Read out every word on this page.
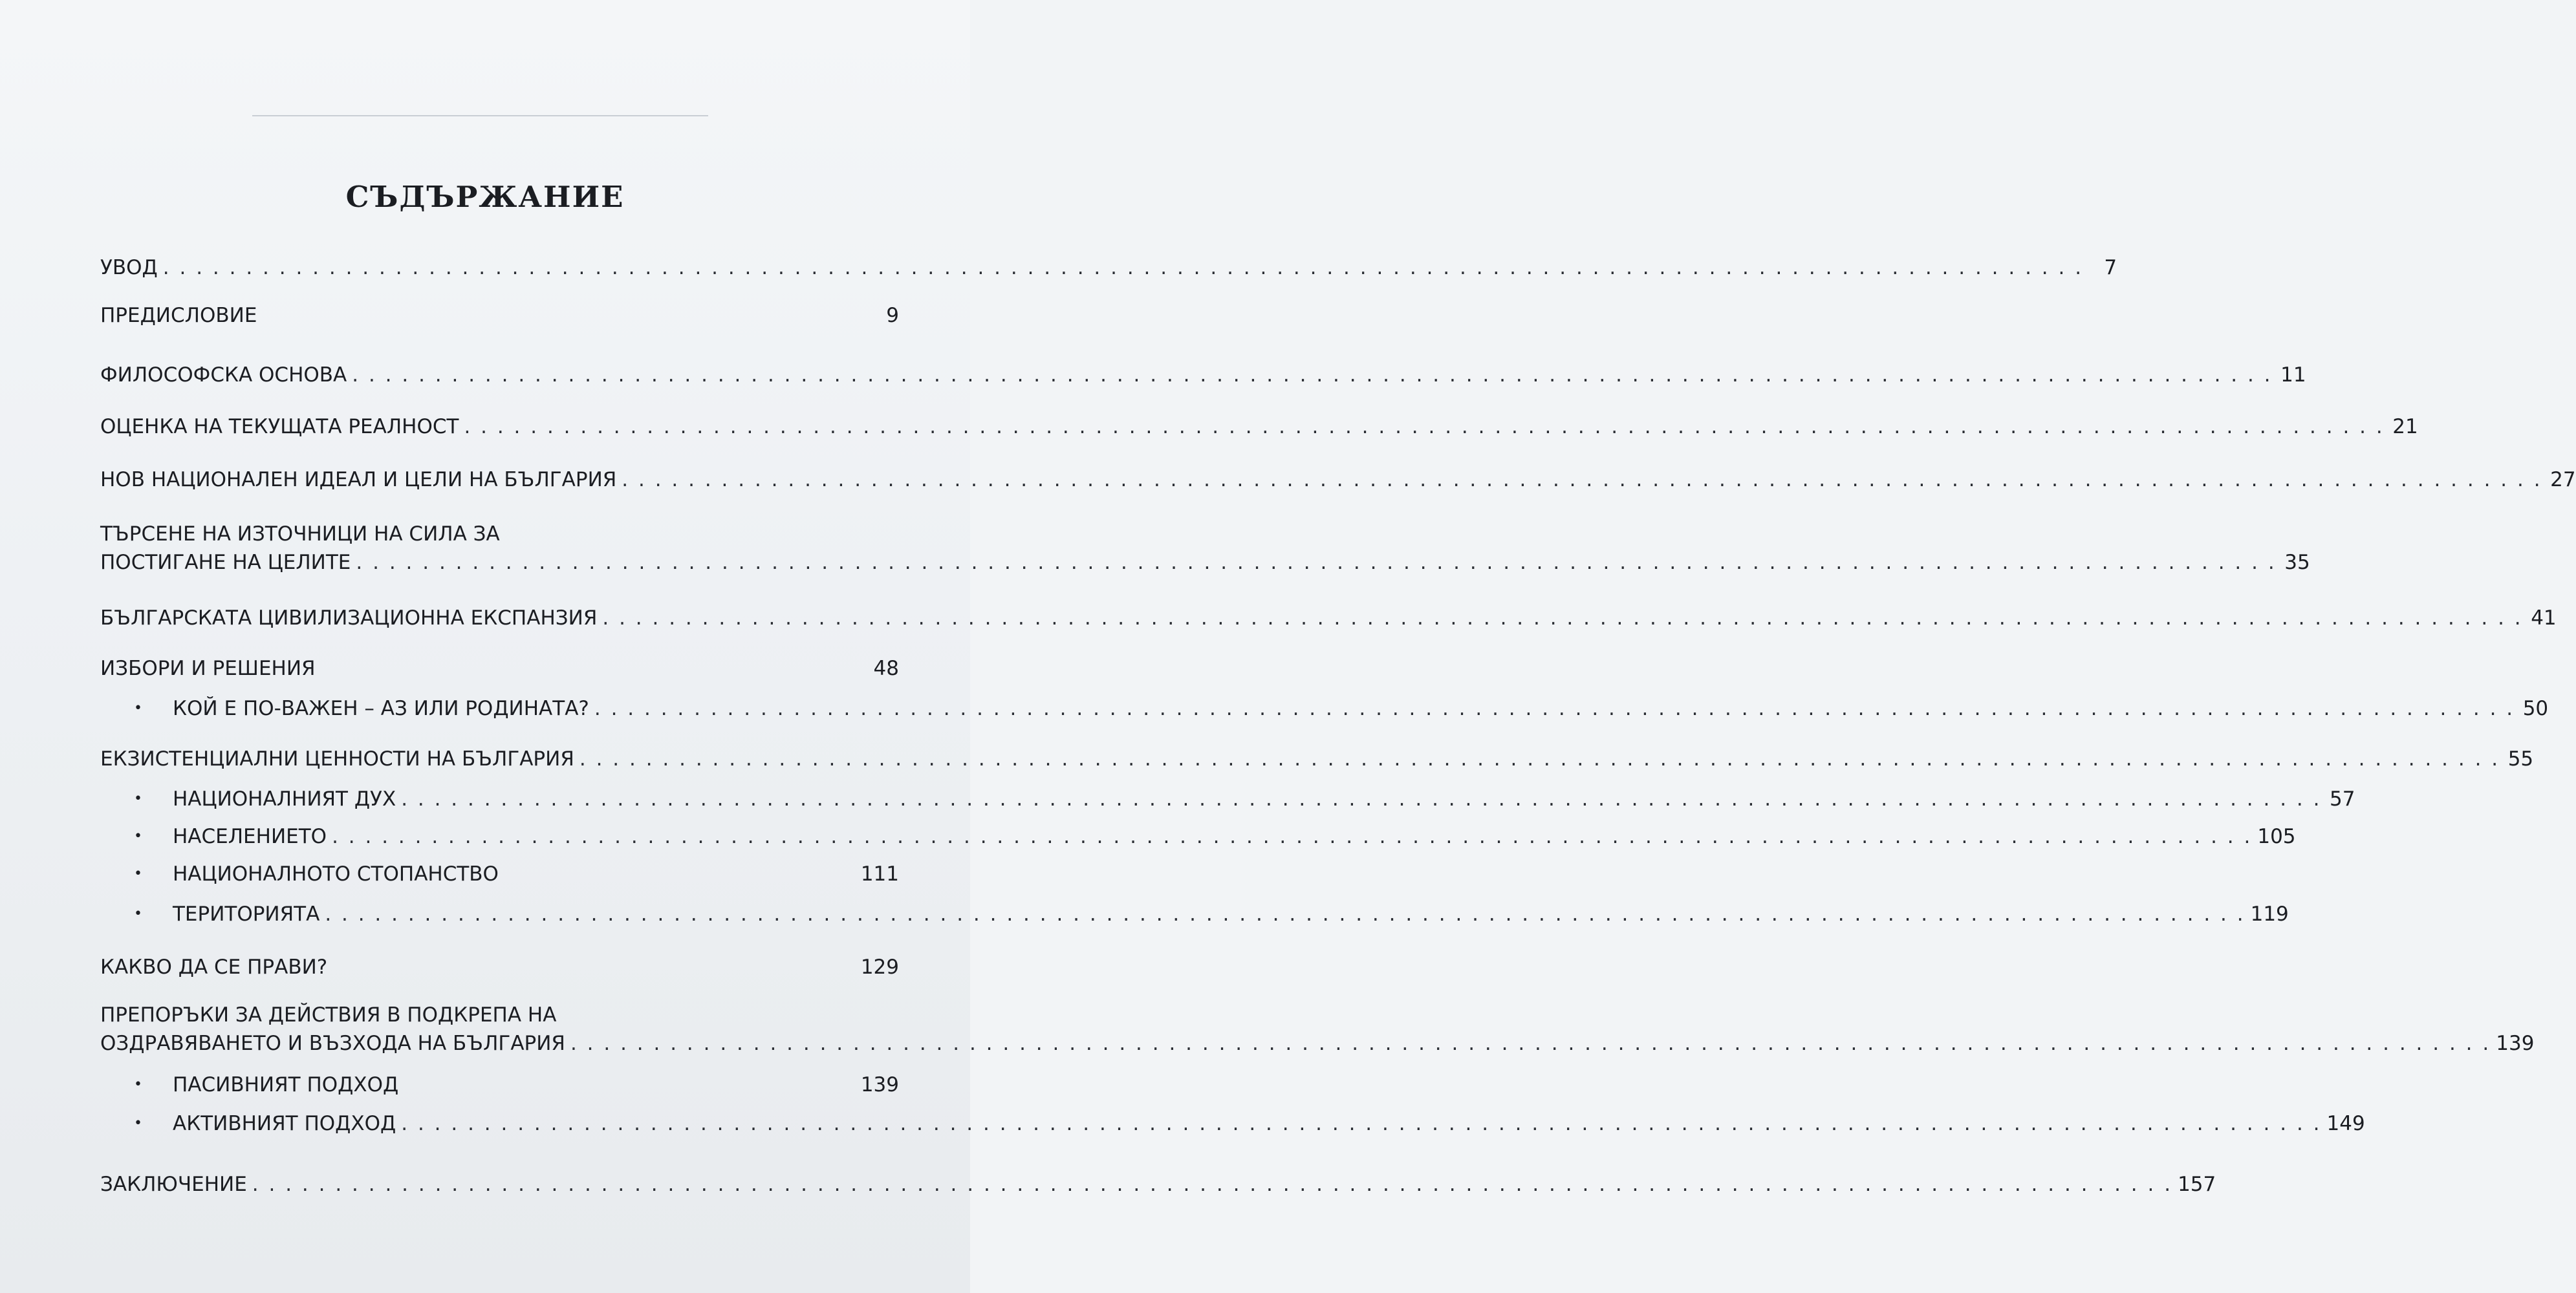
СЪДЪРЖАНИЕ
УВОД . . . . . . . . . . . . . . . . . . . . . . . . . . . . . . . . . . . . . . . . . . . . . . . . . . . . . . . . . . . . . . . . . . . . . . . . . . . . . . . . . . . . . . . . . . . . . . . . . . . . . . . . . . . . . . . . . . . .	7
ПРЕДИСЛОВИЕ	9
ФИЛОСОФСКА ОСНОВА . . . . . . . . . . . . . . . . . . . . . . . . . . . . . . . . . . . . . . . . . . . . . . . . . . . . . . . . . . . . . . . . . . . . . . . . . . . . . . . . . . . . . . . . . . . . . . . . . . . . . . . . . . . . . . . . . . . . 11
ОЦЕНКА НА ТЕКУЩАТА РЕАЛНОСТ . . . . . . . . . . . . . . . . . . . . . . . . . . . . . . . . . . . . . . . . . . . . . . . . . . . . . . . . . . . . . . . . . . . . . . . . . . . . . . . . . . . . . . . . . . . . . . . . . . . . . . . . . . . . . . . . . . . . 21
НОВ НАЦИОНАЛЕН ИДЕАЛ И ЦЕЛИ НА БЪЛГАРИЯ . . . . . . . . . . . . . . . . . . . . . . . . . . . . . . . . . . . . . . . . . . . . . . . . . . . . . . . . . . . . . . . . . . . . . . . . . . . . . . . . . . . . . . . . . . . . . . . . . . . . . . . . . . . . . . . . . . . . 27
ТЪРСЕНЕ НА ИЗТОЧНИЦИ НА СИЛА ЗА
ПОСТИГАНЕ НА ЦЕЛИТЕ . . . . . . . . . . . . . . . . . . . . . . . . . . . . . . . . . . . . . . . . . . . . . . . . . . . . . . . . . . . . . . . . . . . . . . . . . . . . . . . . . . . . . . . . . . . . . . . . . . . . . . . . . . . . . . . . . . . . 35
БЪЛГАРСКАТА ЦИВИЛИЗАЦИОННА ЕКСПАНЗИЯ . . . . . . . . . . . . . . . . . . . . . . . . . . . . . . . . . . . . . . . . . . . . . . . . . . . . . . . . . . . . . . . . . . . . . . . . . . . . . . . . . . . . . . . . . . . . . . . . . . . . . . . . . . . . . . . . . . . . 41
ИЗБОРИ И РЕШЕНИЯ	48
• КОЙ Е ПО-ВАЖЕН – АЗ ИЛИ РОДИНАТА? . . . . . . . . . . . . . . . . . . . . . . . . . . . . . . . . . . . . . . . . . . . . . . . . . . . . . . . . . . . . . . . . . . . . . . . . . . . . . . . . . . . . . . . . . . . . . . . . . . . . . . . . . . . . . . . . . . . . 50
ЕКЗИСТЕНЦИАЛНИ ЦЕННОСТИ НА БЪЛГАРИЯ . . . . . . . . . . . . . . . . . . . . . . . . . . . . . . . . . . . . . . . . . . . . . . . . . . . . . . . . . . . . . . . . . . . . . . . . . . . . . . . . . . . . . . . . . . . . . . . . . . . . . . . . . . . . . . . . . . . . 55
• НАЦИОНАЛНИЯТ ДУХ . . . . . . . . . . . . . . . . . . . . . . . . . . . . . . . . . . . . . . . . . . . . . . . . . . . . . . . . . . . . . . . . . . . . . . . . . . . . . . . . . . . . . . . . . . . . . . . . . . . . . . . . . . . . . . . . . . . . 57
• НАСЕЛЕНИЕТО . . . . . . . . . . . . . . . . . . . . . . . . . . . . . . . . . . . . . . . . . . . . . . . . . . . . . . . . . . . . . . . . . . . . . . . . . . . . . . . . . . . . . . . . . . . . . . . . . . . . . . . . . . . . . . . . . . . . 105
• НАЦИОНАЛНОТО СТОПАНСТВО	111
• ТЕРИТОРИЯТА . . . . . . . . . . . . . . . . . . . . . . . . . . . . . . . . . . . . . . . . . . . . . . . . . . . . . . . . . . . . . . . . . . . . . . . . . . . . . . . . . . . . . . . . . . . . . . . . . . . . . . . . . . . . . . . . . . . . 119
КАКВО ДА СЕ ПРАВИ?	129
ПРЕПОРЪКИ ЗА ДЕЙСТВИЯ В ПОДКРЕПА НА
ОЗДРАВЯВАНЕТО И ВЪЗХОДА НА БЪЛГАРИЯ . . . . . . . . . . . . . . . . . . . . . . . . . . . . . . . . . . . . . . . . . . . . . . . . . . . . . . . . . . . . . . . . . . . . . . . . . . . . . . . . . . . . . . . . . . . . . . . . . . . . . . . . . . . . . . . . . . . . 139
• ПАСИВНИЯТ ПОДХОД	139
• АКТИВНИЯТ ПОДХОД . . . . . . . . . . . . . . . . . . . . . . . . . . . . . . . . . . . . . . . . . . . . . . . . . . . . . . . . . . . . . . . . . . . . . . . . . . . . . . . . . . . . . . . . . . . . . . . . . . . . . . . . . . . . . . . . . . . . 149
ЗАКЛЮЧЕНИЕ . . . . . . . . . . . . . . . . . . . . . . . . . . . . . . . . . . . . . . . . . . . . . . . . . . . . . . . . . . . . . . . . . . . . . . . . . . . . . . . . . . . . . . . . . . . . . . . . . . . . . . . . . . . . . . . . . . . . 157
